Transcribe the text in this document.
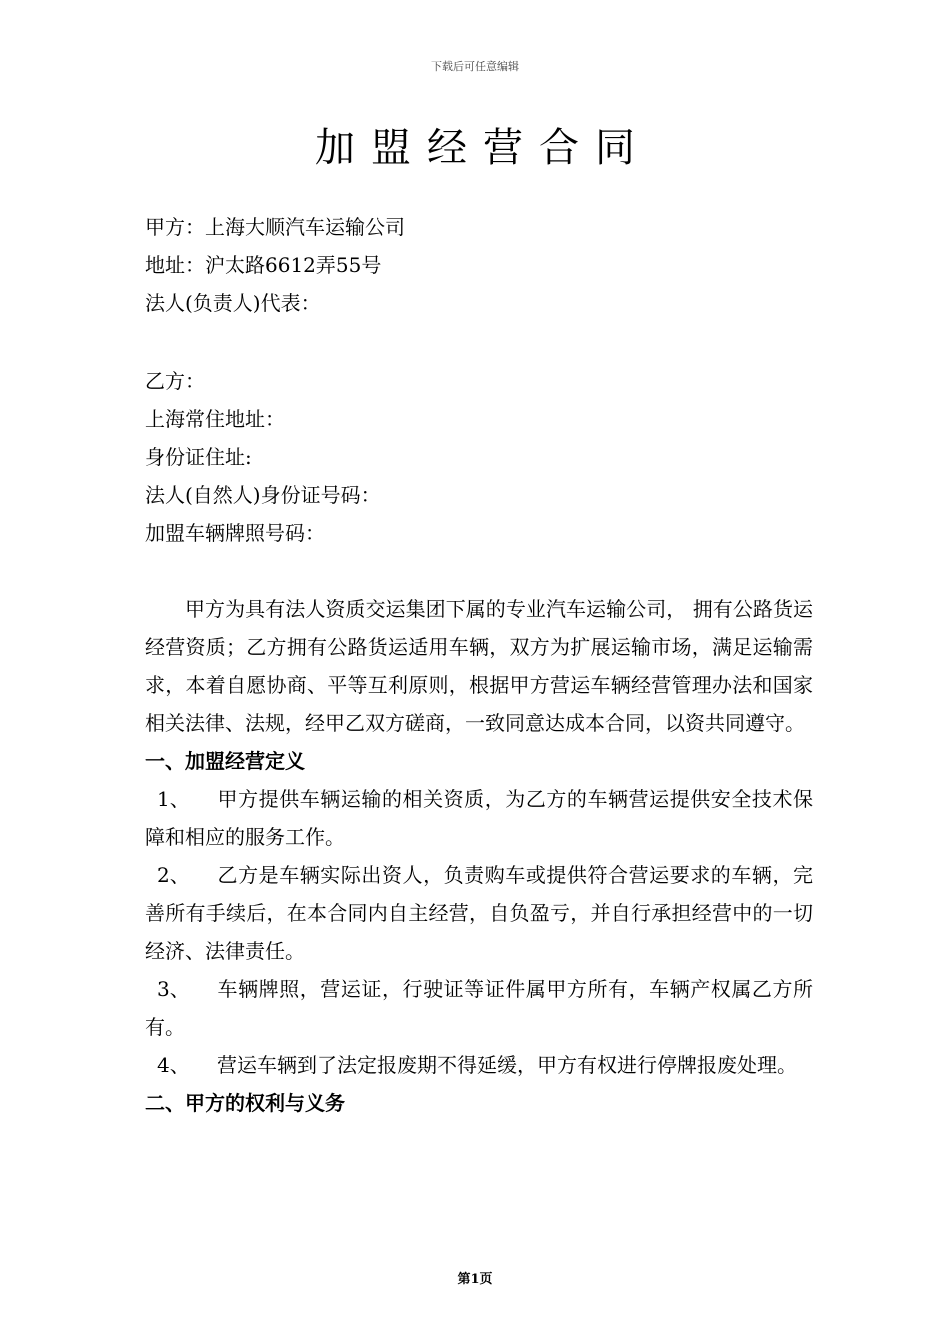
下载后可任意编辑
加盟经营合同
甲方：上海大顺汽车运输公司
地址：沪太路6612弄55号
法人(负责人)代表：
乙方：
上海常住地址：
身份证住址:
法人(自然人)身份证号码：
加盟车辆牌照号码：

甲方为具有法人资质交运集团下属的专业汽车运输公司， 拥有公路货运经营资质；乙方拥有公路货运适用车辆，双方为扩展运输市场，满足运输需求，本着自愿协商、平等互利原则，根据甲方营运车辆经营管理办法和国家相关法律、法规，经甲乙双方磋商，一致同意达成本合同，以资共同遵守。

一、加盟经营定义

1、 甲方提供车辆运输的相关资质，为乙方的车辆营运提供安全技术保障和相应的服务工作。

2、 乙方是车辆实际出资人，负责购车或提供符合营运要求的车辆，完善所有手续后，在本合同内自主经营，自负盈亏，并自行承担经营中的一切经济、法律责任。

3、 车辆牌照，营运证，行驶证等证件属甲方所有，车辆产权属乙方所有。

4、 营运车辆到了法定报废期不得延缓，甲方有权进行停牌报废处理。

二、甲方的权利与义务

第1页
